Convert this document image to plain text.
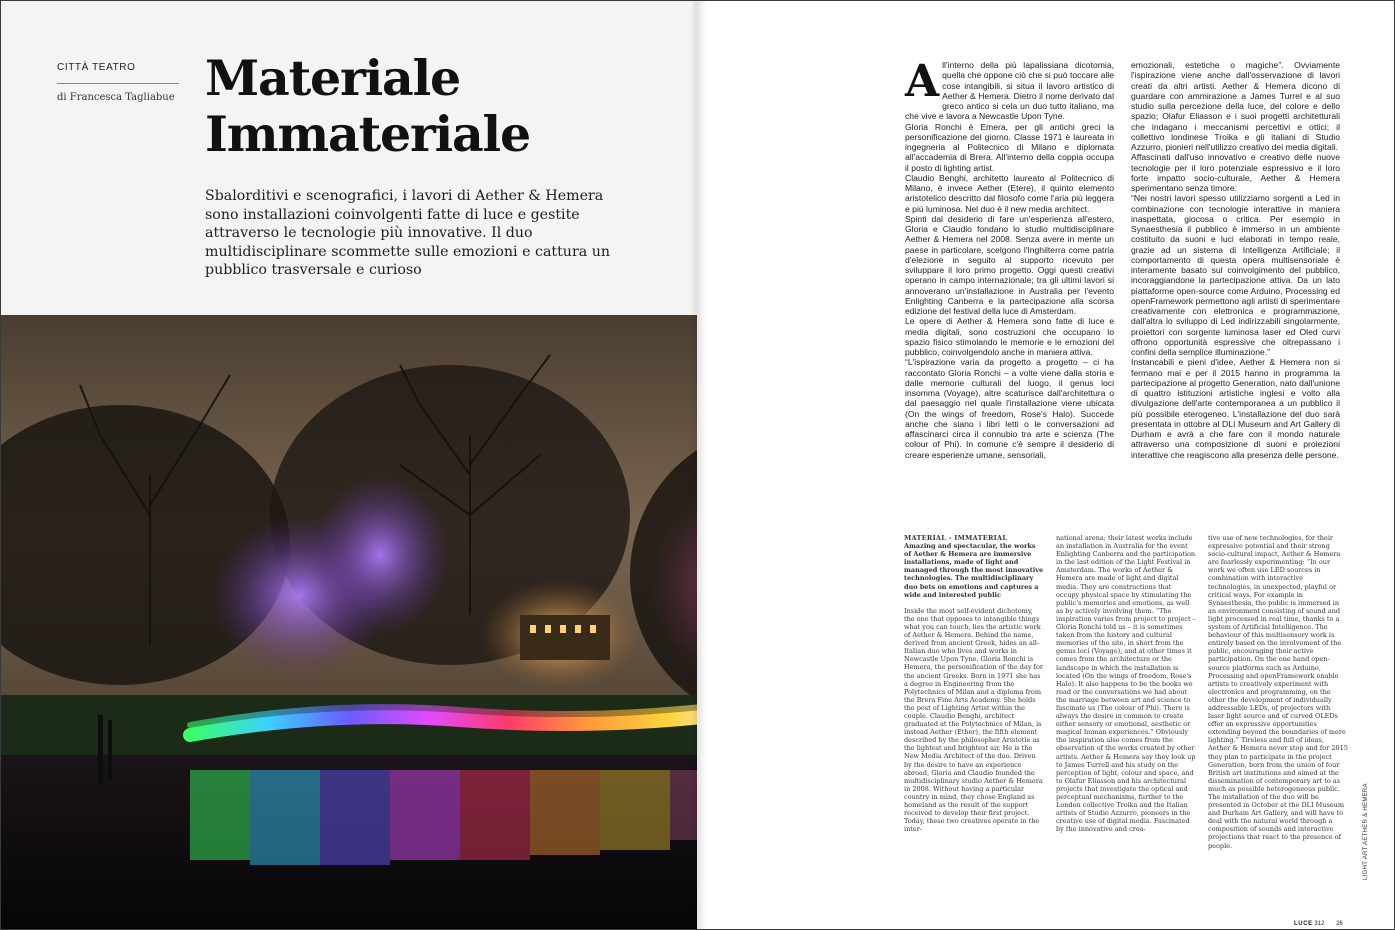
CITTÀ TEATRO
di Francesca Tagliabue Materiale
Immateriale
Sbalorditivi e scenografici, i lavori di Aether & Hemera sono installazioni coinvolgenti fatte di luce e gestite attraverso le tecnologie più innovative. Il duo multidisciplinare scommette sulle emozioni e cattura un pubblico trasversale e curioso
A ll'interno della più lapalissiana dicotomia, quella che oppone ciò che si può toccare alle cose intangibili, si situa il lavoro artistico di Aether & Hemera. Dietro il nome derivato dal greco antico si cela un duo tutto italiano, ma che vive e lavora a Newcastle Upon Tyne.

Gloria Ronchi è Emera, per gli antichi greci la personificazione del giorno. Classe 1971 è laureata in ingegneria al Politecnico di Milano e diplomata all'accademia di Brera. All'interno della coppia occupa il posto di lighting artist.

Claudio Benghi, architetto laureato al Politecnico di Milano, è invece Aether (Etere), il quinto elemento aristotelico descritto dal filosofo come l'aria più leggera e più luminosa. Nel duo è il new media architect.

Spinti dal desiderio di fare un'esperienza all'estero, Gloria e Claudio fondano lo studio multidisciplinare Aether & Hemera nel 2008. Senza avere in mente un paese in particolare, scelgono l'Inghilterra come patria d'elezione in seguito al supporto ricevuto per sviluppare il loro primo progetto. Oggi questi creativi operano in campo internazionale; tra gli ultimi lavori si annoverano un'installazione in Australia per l'evento Enlighting Canberra e la partecipazione alla scorsa edizione del festival della luce di Amsterdam.

Le opere di Aether & Hemera sono fatte di luce e media digitali, sono costruzioni che occupano lo spazio fisico stimolando le memorie e le emozioni del pubblico, coinvolgendolo anche in maniera attiva.

“L'ispirazione varia da progetto a progetto – ci ha raccontato Gloria Ronchi – a volte viene dalla storia e dalle memorie culturali del luogo, il genus loci insomma (Voyage), altre scaturisce dall'architettura o dal paesaggio nel quale l'installazione viene ubicata (On the wings of freedom, Rose's Halo). Succede anche che siano i libri letti o le conversazioni ad affascinarci circa il connubio tra arte e scienza (The colour of Phi). In comune c'è sempre il desiderio di creare esperienze umane, sensoriali,

emozionali, estetiche o magiche”. Ovviamente l'ispirazione viene anche dall'osservazione di lavori creati da altri artisti. Aether & Hemera dicono di guardare con ammirazione a James Turrel e al suo studio sulla percezione della luce, del colore e dello spazio; Olafur Eliasson e i suoi progetti architetturali che indagano i meccanismi percettivi e ottici; il collettivo londinese Troika e gli italiani di Studio Azzurro, pionieri nell'utilizzo creativo dei media digitali.

Affascinati dall'uso innovativo e creativo delle nuove tecnologie per il loro potenziale espressivo e il loro forte impatto socio-culturale, Aether & Hemera sperimentano senza timore:

“Nei nostri lavori spesso utilizziamo sorgenti a Led in combinazione con tecnologie interattive in maniera inaspettata, giocosa o critica. Per esempio in Synaesthesia il pubblico è immerso in un ambiente costituito da suoni e luci elaborati in tempo reale, grazie ad un sistema di Intelligenza Artificiale; il comportamento di questa opera multisensoriale è interamente basato sul coinvolgimento del pubblico, incoraggiandone la partecipazione attiva. Da un lato piattaforme open-source come Arduino, Processing ed openFramework permettono agli artisti di sperimentare creativamente con elettronica e programmazione, dall'altra lo sviluppo di Led indirizzabili singolarmente, proiettori con sorgente luminosa laser ed Oled curvi offrono opportunità espressive che oltrepassano i confini della semplice illuminazione.”

Instancabili e pieni d'idee, Aether & Hemera non si fermano mai e per il 2015 hanno in programma la partecipazione al progetto Generation, nato dall'unione di quattro istituzioni artistiche inglesi e volto alla divulgazione dell'arte contemporanea a un pubblico il più possibile eterogeneo. L'installazione del duo sarà presentata in ottobre al DLI Museum and Art Gallery di Durham e avrà a che fare con il mondo naturale attraverso una composizione di suoni e proiezioni interattive che reagiscono alla presenza delle persone.

MATERIAL - IMMATERIAL

Amazing and spectacular, the works of Aether & Hemera are immersive installations, made of light and managed through the most innovative technologies. The multidisciplinary duo bets on emotions and captures a wide and interested public

Inside the most self-evident dichotomy, the one that opposes to intangible things what you can touch, lies the artistic work of Aether & Hemera. Behind the name, derived from ancient Greek, hides an all-Italian duo who lives and works in Newcastle Upon Tyne. Gloria Ronchi is Hemera, the personification of the day for the ancient Greeks. Born in 1971 she has a degree in Engineering from the Polytechnics of Milan and a diploma from the Brera Fine Arts Academy. She holds the post of Lighting Artist within the couple. Claudio Benghi, architect graduated at the Polytechnics of Milan, is instead Aether (Ether), the fifth element described by the philosopher Aristotle as the lightest and brightest air. He is the New Media Architect of the duo. Driven by the desire to have an experience abroad, Gloria and Claudio founded the multidisciplinary studio Aether & Hemera in 2008. Without having a particular country in mind, they chose England as homeland as the result of the support received to develop their first project. Today, these two creatives operate in the inter-

national arena; their latest works include an installation in Australia for the event Enlighting Canberra and the participation in the last edition of the Light Festival in Amsterdam. The works of Aether & Hemera are made of light and digital media. They are constructions that occupy physical space by stimulating the public's memories and emotions, as well as by actively involving them. “The inspiration varies from project to project – Gloria Ronchi told us – it is sometimes taken from the history and cultural memories of the site, in short from the genus loci (Voyage), and at other times it comes from the architecture or the landscape in which the installation is located (On the wings of freedom, Rose's Halo). It also happens to be the books we read or the conversations we had about the marriage between art and science to fascinate us (The colour of Phi). There is always the desire in common to create either sensory or emotional, aesthetic or magical human experiences.” Obviously the inspiration also comes from the observation of the works created by other artists. Aether & Hemera say they look up to James Turrell and his study on the perception of light, colour and space, and to Olafur Eliasson and his architectural projects that investigate the optical and perceptual mechanisms, further to the London collective Troika and the Italian artists of Studio Azzurro, pioneers in the creative use of digital media. Fascinated by the innovative and crea-
tive use of new technologies, for their expressive potential and their strong socio-cultural impact, Aether & Hemera are fearlessly experimenting: “In our work we often use LED sources in combination with interactive technologies, in unexpected, playful or critical ways. For example in Synaesthesia, the public is immersed in an environment consisting of sound and light processed in real time, thanks to a system of Artificial Intelligence. The behaviour of this multisensory work is entirely based on the involvement of the public, encouraging their active participation. On the one hand open-source platforms such as Arduino, Processing and openFramework enable artists to creatively experiment with electronics and programming, on the other the development of individually addressable LEDs, of projectors with laser light source and of curved OLEDs offer an expressive opportunities extending beyond the boundaries of mere lighting.” Tireless and full of ideas, Aether & Hemera never stop and for 2015 they plan to participate in the project Generation, born from the union of four British art institutions and aimed at the dissemination of contemporary art to as much as possible heterogeneous public. The installation of the duo will be presented in October at the DLI Museum and Durham Art Gallery, and will have to deal with the natural world through a composition of sounds and interactive projections that react to the presence of people.
LUCE 312 26
LIGHT ART AETHER & HEMERA
